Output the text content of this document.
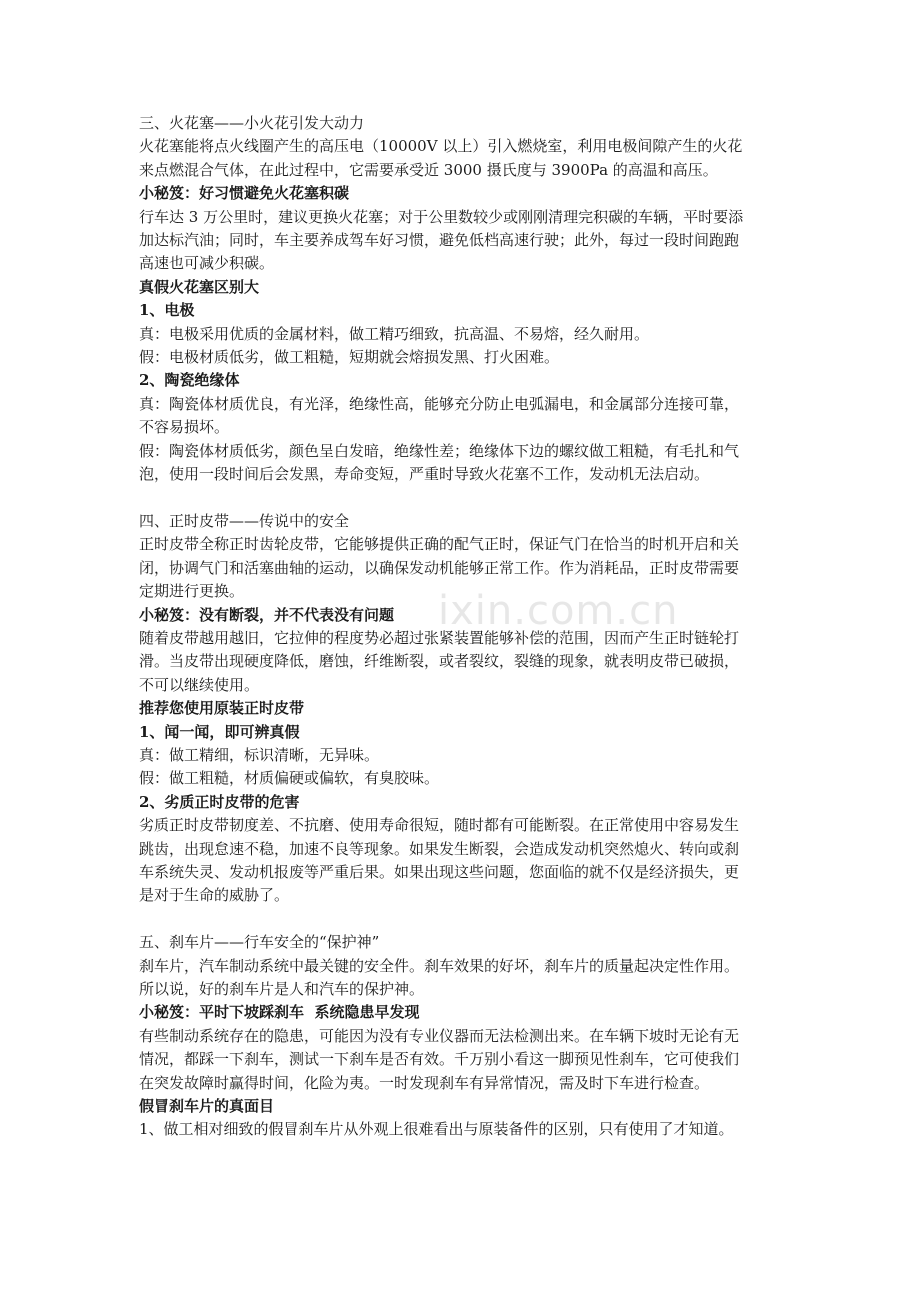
三、火花塞——小火花引发大动力
火花塞能将点火线圈产生的高压电（10000V 以上）引入燃烧室，利用电极间隙产生的火花
来点燃混合气体，在此过程中，它需要承受近 3000 摄氏度与 3900Pa 的高温和高压。
小秘笈：好习惯避免火花塞积碳
行车达 3 万公里时，建议更换火花塞；对于公里数较少或刚刚清理完积碳的车辆，平时要添
加达标汽油；同时，车主要养成驾车好习惯，避免低档高速行驶；此外，每过一段时间跑跑
高速也可减少积碳。
真假火花塞区别大
1、电极
真：电极采用优质的金属材料，做工精巧细致，抗高温、不易熔，经久耐用。
假：电极材质低劣，做工粗糙，短期就会熔损发黑、打火困难。
2、陶瓷绝缘体
真：陶瓷体材质优良，有光泽，绝缘性高，能够充分防止电弧漏电，和金属部分连接可靠，
不容易损坏。
假：陶瓷体材质低劣，颜色呈白发暗，绝缘性差；绝缘体下边的螺纹做工粗糙，有毛扎和气
泡，使用一段时间后会发黑，寿命变短，严重时导致火花塞不工作，发动机无法启动。
四、正时皮带——传说中的安全
正时皮带全称正时齿轮皮带，它能够提供正确的配气正时，保证气门在恰当的时机开启和关
闭，协调气门和活塞曲轴的运动，以确保发动机能够正常工作。作为消耗品，正时皮带需要
定期进行更换。
小秘笈：没有断裂，并不代表没有问题
随着皮带越用越旧，它拉伸的程度势必超过张紧装置能够补偿的范围，因而产生正时链轮打
滑。当皮带出现硬度降低，磨蚀，纤维断裂，或者裂纹，裂缝的现象，就表明皮带已破损，
不可以继续使用。
推荐您使用原装正时皮带
1、闻一闻，即可辨真假
真：做工精细，标识清晰，无异味。
假：做工粗糙，材质偏硬或偏软，有臭胶味。
2、劣质正时皮带的危害
劣质正时皮带韧度差、不抗磨、使用寿命很短，随时都有可能断裂。在正常使用中容易发生
跳齿，出现怠速不稳，加速不良等现象。如果发生断裂，会造成发动机突然熄火、转向或刹
车系统失灵、发动机报废等严重后果。如果出现这些问题，您面临的就不仅是经济损失，更
是对于生命的威胁了。
五、刹车片——行车安全的“保护神”
刹车片，汽车制动系统中最关键的安全件。刹车效果的好坏，刹车片的质量起决定性作用。
所以说，好的刹车片是人和汽车的保护神。
小秘笈：平时下坡踩刹车  系统隐患早发现
有些制动系统存在的隐患，可能因为没有专业仪器而无法检测出来。在车辆下坡时无论有无
情况，都踩一下刹车，测试一下刹车是否有效。千万别小看这一脚预见性刹车，它可使我们
在突发故障时赢得时间，化险为夷。一时发现刹车有异常情况，需及时下车进行检查。
假冒刹车片的真面目
1、做工相对细致的假冒刹车片从外观上很难看出与原装备件的区别，只有使用了才知道。
ixin.com.cn
